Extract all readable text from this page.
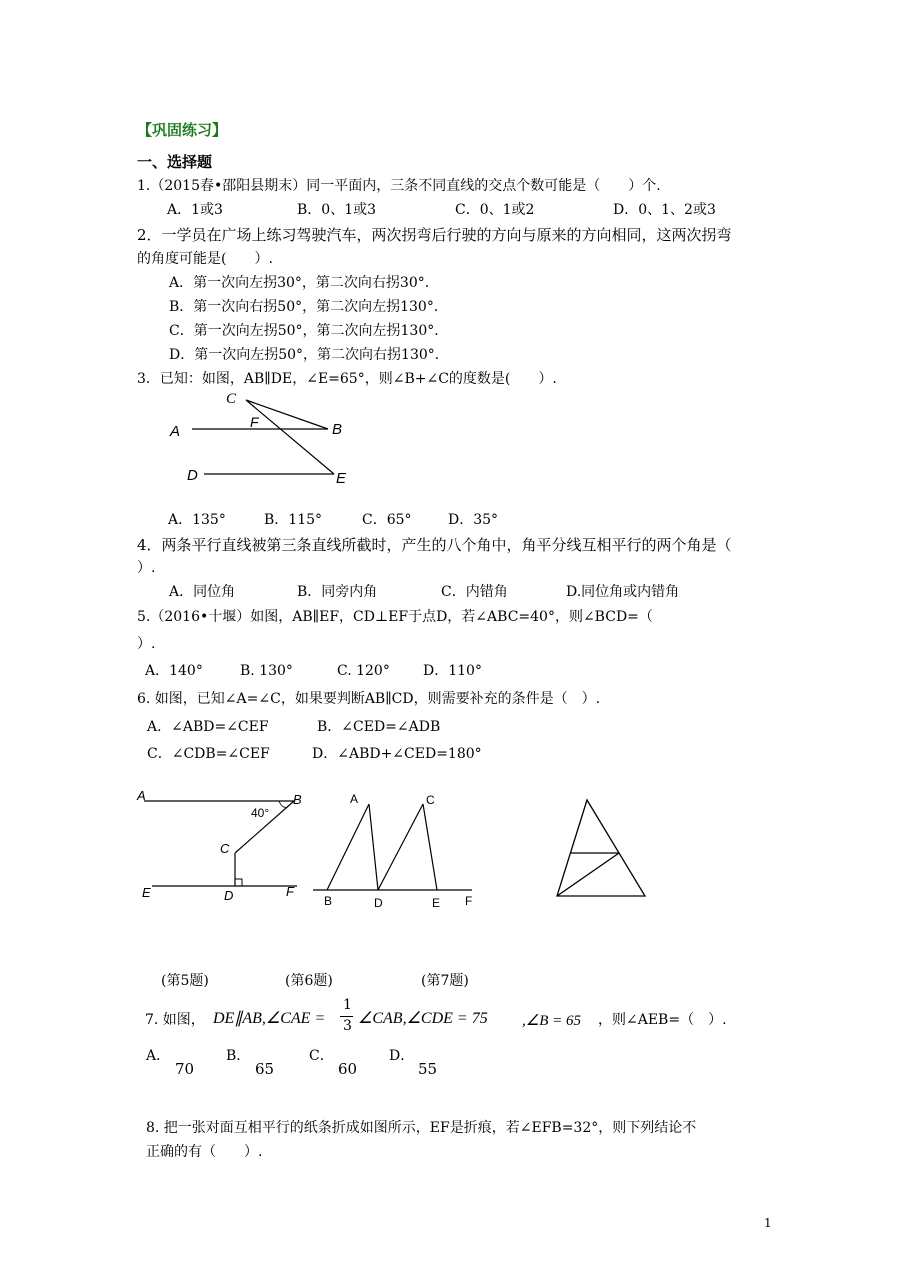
【巩固练习】
一、选择题
1.（2015春•邵阳县期末）同一平面内，三条不同直线的交点个数可能是（　　）个.
A．1或3	B．0、1或3	C．0、1或2	D．0、1、2或3
2．一学员在广场上练习驾驶汽车，两次拐弯后行驶的方向与原来的方向相同，这两次拐弯
的角度可能是(　　）.
A．第一次向左拐30°，第二次向右拐30°．
B．第一次向右拐50°，第二次向左拐130°．
C．第一次向左拐50°，第二次向左拐130°．
D．第一次向左拐50°，第二次向右拐130°．
3．已知：如图，AB∥DE，∠E=65°，则∠B+∠C的度数是(　　）.
C
F
A	B
D	E
A．135°	B．115°	C．65°	D．35°
4．两条平行直线被第三条直线所截时，产生的八个角中，角平分线互相平行的两个角是（
）.
A．同位角	B．同旁内角	C．内错角	D.同位角或内错角
5.（2016•十堰）如图，AB∥EF，CD⊥EF于点D，若∠ABC=40°，则∠BCD=（
）.
A．140°	B. 130°	C. 120° D．110°
6. 如图，已知∠A=∠C，如果要判断AB∥CD，则需要补充的条件是（　）.
A．∠ABD=∠CEF	B．∠CED=∠ADB
C．∠CDB=∠CEF	D．∠ABD+∠CED=180°
A	B
40°
C
E	D	F
A	C
B	D	E F
(第5题)	(第6题)	(第7题)
7. 如图， DE∥AB,∠CAE =
1
3 ∠CAB,∠CDE = 75 ,∠B = 65 ，则∠AEB=（　）.
A．
70
B．
65
C．
60
D．
55
8. 把一张对面互相平行的纸条折成如图所示，EF是折痕，若∠EFB=32°，则下列结论不
正确的有（　　）.
1
